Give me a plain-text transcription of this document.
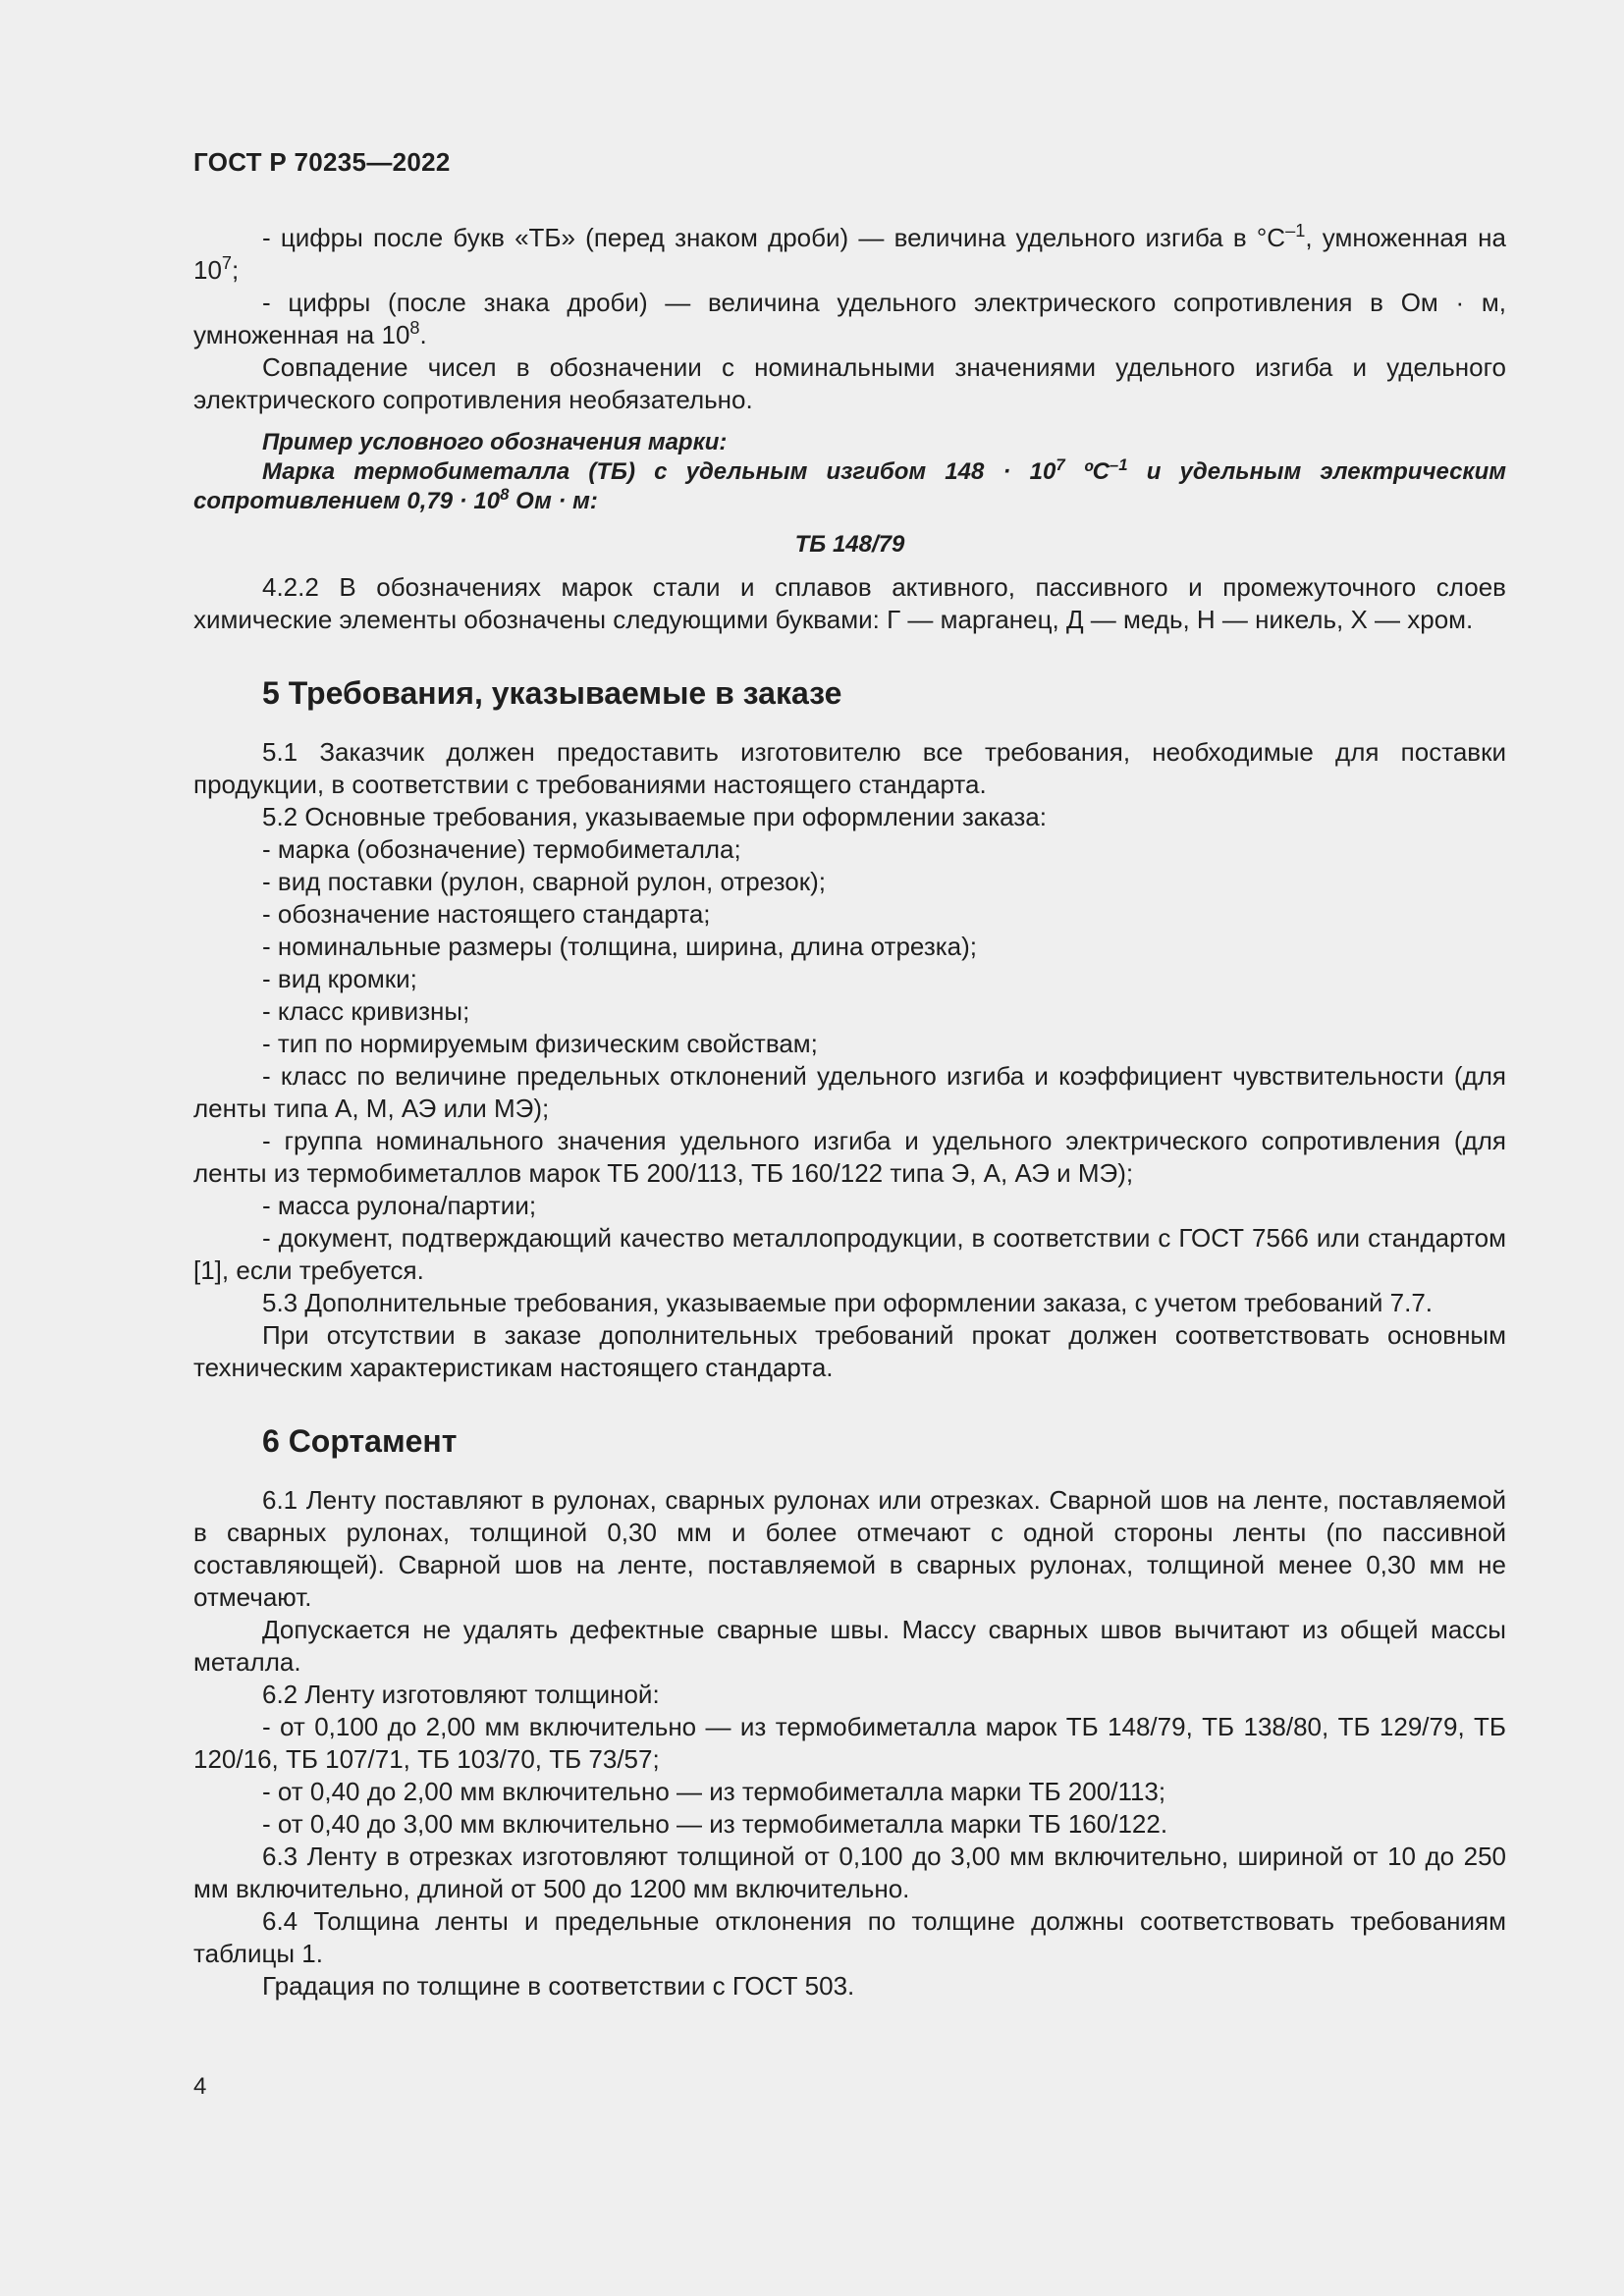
ГОСТ Р 70235—2022

- цифры после букв «ТБ» (перед знаком дроби) — величина удельного изгиба в $^\circ С^{-1}$, умноженная на $10^7$;

- цифры (после знака дроби) — величина удельного электрического сопротивления в Ом · м, умноженная на $10^8$.

Совпадение чисел в обозначении с номинальными значениями удельного изгиба и удельного электрического сопротивления необязательно.

Пример условного обозначения марки:

Марка термобиметалла (ТБ) с удельным изгибом $148 \cdot 10^7$ ºС$^{-1}$ и удельным электрическим сопротивлением $0,79 \cdot 10^8$ Ом · м:

ТБ 148/79

4.2.2 В обозначениях марок стали и сплавов активного, пассивного и промежуточного слоев химические элементы обозначены следующими буквами: Г — марганец, Д — медь, Н — никель, Х — хром.

5 Требования, указываемые в заказе

5.1 Заказчик должен предоставить изготовителю все требования, необходимые для поставки продукции, в соответствии с требованиями настоящего стандарта.

5.2 Основные требования, указываемые при оформлении заказа:

- марка (обозначение) термобиметалла;

- вид поставки (рулон, сварной рулон, отрезок);

- обозначение настоящего стандарта;

- номинальные размеры (толщина, ширина, длина отрезка);

- вид кромки;

- класс кривизны;

- тип по нормируемым физическим свойствам;

- класс по величине предельных отклонений удельного изгиба и коэффициент чувствительности (для ленты типа А, М, АЭ или МЭ);

- группа номинального значения удельного изгиба и удельного электрического сопротивления (для ленты из термобиметаллов марок ТБ 200/113, ТБ 160/122 типа Э, А, АЭ и МЭ);

- масса рулона/партии;

- документ, подтверждающий качество металлопродукции, в соответствии с ГОСТ 7566 или стандартом [1], если требуется.

5.3 Дополнительные требования, указываемые при оформлении заказа, с учетом требований 7.7.

При отсутствии в заказе дополнительных требований прокат должен соответствовать основным техническим характеристикам настоящего стандарта.

6 Сортамент

6.1 Ленту поставляют в рулонах, сварных рулонах или отрезках. Сварной шов на ленте, поставляемой в сварных рулонах, толщиной 0,30 мм и более отмечают с одной стороны ленты (по пассивной составляющей). Сварной шов на ленте, поставляемой в сварных рулонах, толщиной менее 0,30 мм не отмечают.

Допускается не удалять дефектные сварные швы. Массу сварных швов вычитают из общей массы металла.

6.2 Ленту изготовляют толщиной:

- от 0,100 до 2,00 мм включительно — из термобиметалла марок ТБ 148/79, ТБ 138/80, ТБ 129/79, ТБ 120/16, ТБ 107/71, ТБ 103/70, ТБ 73/57;

- от 0,40 до 2,00 мм включительно — из термобиметалла марки ТБ 200/113;

- от 0,40 до 3,00 мм включительно — из термобиметалла марки ТБ 160/122.

6.3 Ленту в отрезках изготовляют толщиной от 0,100 до 3,00 мм включительно, шириной от 10 до 250 мм включительно, длиной от 500 до 1200 мм включительно.

6.4 Толщина ленты и предельные отклонения по толщине должны соответствовать требованиям таблицы 1.

Градация по толщине в соответствии с ГОСТ 503.

4
